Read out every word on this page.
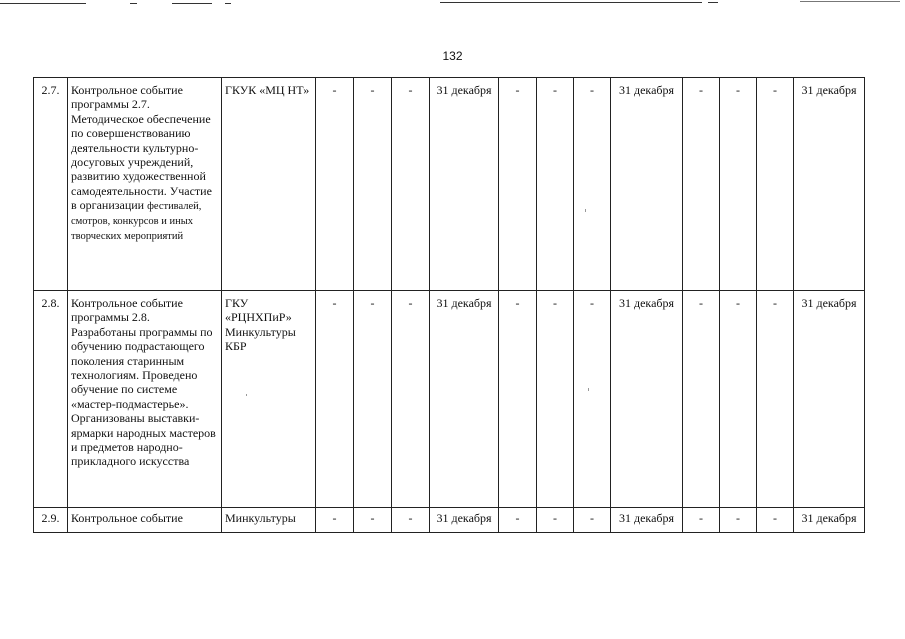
132
2.7.	Контрольное событие программы 2.7. Методическое обеспечение по совершенствованию деятельности культурно-досуговых учреждений, развитию художественной самодеятельности. Участие в организации фестивалей, смотров, конкурсов и иных творческих мероприятий	ГКУК «МЦ НТ»	-	-	-	31 декабря	-	-	-	31 декабря	-	-	-	31 декабря
2.8.	Контрольное событие программы 2.8. Разработаны программы по обучению подрастающего поколения старинным технологиям. Проведено обучение по системе «мастер-подмастерье». Организованы выставки-ярмарки народных мастеров и предметов народно-прикладного искусства	ГКУ «РЦНХПиР» Минкультуры КБР	-	-	-	31 декабря	-	-	-	31 декабря	-	-	-	31 декабря
2.9.	Контрольное событие	Минкультуры	-	-	-	31 декабря	-	-	-	31 декабря	-	-	-	31 декабря
